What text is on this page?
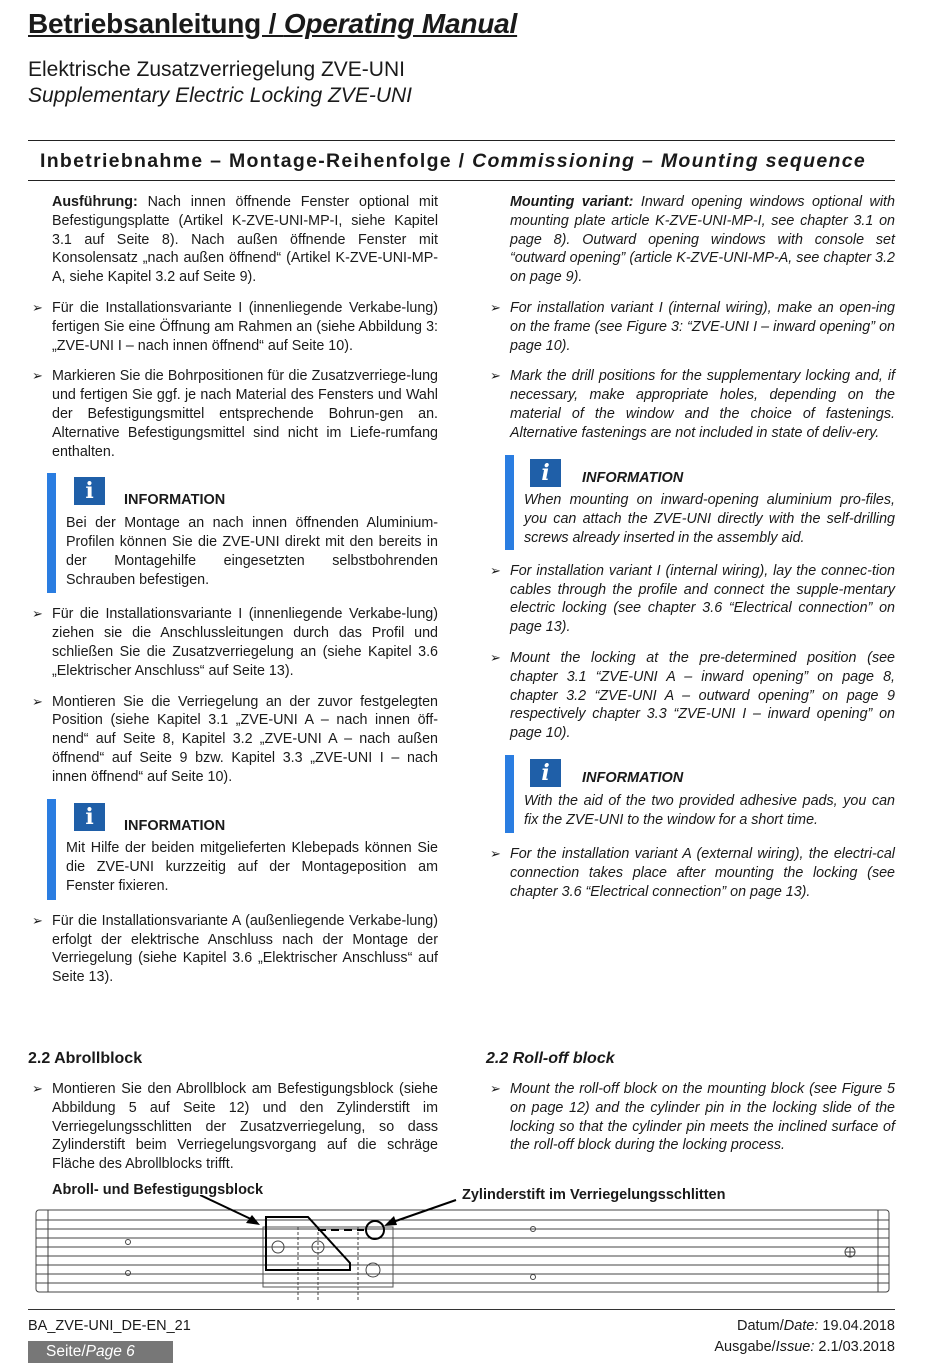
Betriebsanleitung / Operating Manual
Elektrische Zusatzverriegelung ZVE-UNI
Supplementary Electric Locking ZVE-UNI
Inbetriebnahme – Montage-Reihenfolge / Commissioning – Mounting sequence
Ausführung: Nach innen öffnende Fenster optional mit Befestigungsplatte (Artikel K-ZVE-UNI-MP-I, siehe Kapitel 3.1 auf Seite 8). Nach außen öffnende Fenster mit Konsolensatz „nach außen öffnend“ (Artikel K-ZVE-UNI-MP-A, siehe Kapitel 3.2 auf Seite 9).
➢ Für die Installationsvariante I (innenliegende Verkabe-lung) fertigen Sie eine Öffnung am Rahmen an (siehe Abbildung 3: „ZVE-UNI I – nach innen öffnend“ auf Seite 10).
➢ Markieren Sie die Bohrpositionen für die Zusatzverriege-lung und fertigen Sie ggf. je nach Material des Fensters und Wahl der Befestigungsmittel entsprechende Bohrun-gen an. Alternative Befestigungsmittel sind nicht im Liefe-rumfang enthalten.
i	INFORMATION
Bei der Montage an nach innen öffnenden Aluminium-Profilen können Sie die ZVE-UNI direkt mit den bereits in der Montagehilfe eingesetzten selbstbohrenden Schrauben befestigen.
➢ Für die Installationsvariante I (innenliegende Verkabe-lung) ziehen sie die Anschlussleitungen durch das Profil und schließen Sie die Zusatzverriegelung an (siehe Kapitel 3.6 „Elektrischer Anschluss“ auf Seite 13).
➢ Montieren Sie die Verriegelung an der zuvor festgelegten Position (siehe Kapitel 3.1 „ZVE-UNI A – nach innen öff-nend“ auf Seite 8, Kapitel 3.2 „ZVE-UNI A – nach außen öffnend“ auf Seite 9 bzw. Kapitel 3.3 „ZVE-UNI I – nach innen öffnend“ auf Seite 10).
i	INFORMATION
Mit Hilfe der beiden mitgelieferten Klebepads können Sie die ZVE-UNI kurzzeitig auf der Montageposition am Fenster fixieren.
➢ Für die Installationsvariante A (außenliegende Verkabe-lung) erfolgt der elektrische Anschluss nach der Montage der Verriegelung (siehe Kapitel 3.6 „Elektrischer Anschluss“ auf Seite 13).
Mounting variant: Inward opening windows optional with mounting plate article K-ZVE-UNI-MP-I, see chapter 3.1 on page 8). Outward opening windows with console set “outward opening” (article K-ZVE-UNI-MP-A, see chapter 3.2 on page 9).
➢ For installation variant I (internal wiring), make an open-ing on the frame (see Figure 3: “ZVE-UNI I – inward opening” on page 10).
➢ Mark the drill positions for the supplementary locking and, if necessary, make appropriate holes, depending on the material of the window and the choice of fastenings. Alternative fastenings are not included in state of deliv-ery.
i	INFORMATION
When mounting on inward-opening aluminium pro-files, you can attach the ZVE-UNI directly with the self-drilling screws already inserted in the assembly aid.
➢ For installation variant I (internal wiring), lay the connec-tion cables through the profile and connect the supple-mentary electric locking (see chapter 3.6 “Electrical connection” on page 13).
➢ Mount the locking at the pre-determined position (see chapter 3.1 “ZVE-UNI A – inward opening” on page 8, chapter 3.2 “ZVE-UNI A – outward opening” on page 9 respectively chapter 3.3 “ZVE-UNI I – inward opening” on page 10).
i	INFORMATION
With the aid of the two provided adhesive pads, you can fix the ZVE-UNI to the window for a short time.
➢ For the installation variant A (external wiring), the electri-cal connection takes place after mounting the locking (see chapter 3.6 “Electrical connection” on page 13).
2.2 Abrollblock	2.2 Roll-off block
➢ Montieren Sie den Abrollblock am Befestigungsblock (siehe Abbildung 5 auf Seite 12) und den Zylinderstift im Verriegelungsschlitten der Zusatzverriegelung, so dass Zylinderstift beim Verriegelungsvorgang auf die schräge Fläche des Abrollblocks trifft.
➢ Mount the roll-off block on the mounting block (see Figure 5 on page 12) and the cylinder pin in the locking slide of the locking so that the cylinder pin meets the inclined surface of the roll-off block during the locking process.
Abroll- und Befestigungsblock	Zylinderstift im Verriegelungsschlitten
BA_ZVE-UNI_DE-EN_21
Seite/Page 6
Datum/Date: 19.04.2018
Ausgabe/Issue: 2.1/03.2018
